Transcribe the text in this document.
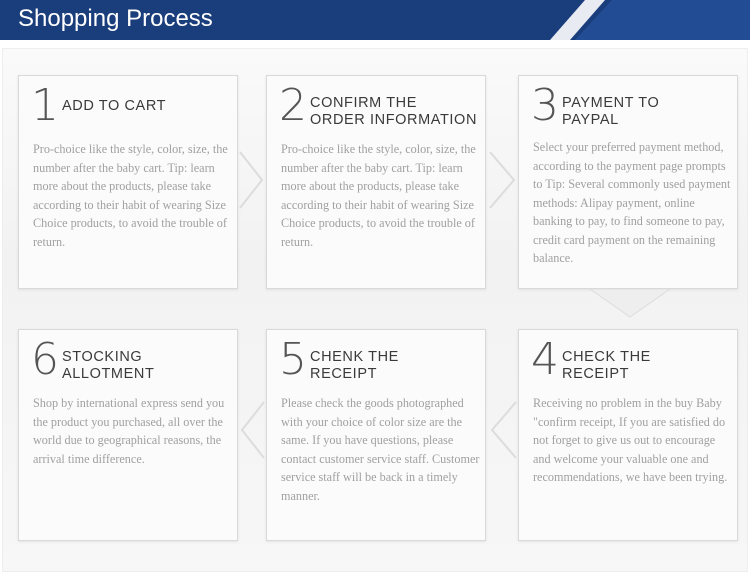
Shopping Process
1 ADD TO CART
Pro-choice like the style, color, size, the number after the baby cart. Tip: learn more about the products, please take according to their habit of wearing Size Choice products, to avoid the trouble of return.
2 CONFIRM THE
ORDER INFORMATION
Pro-choice like the style, color, size, the number after the baby cart. Tip: learn more about the products, please take according to their habit of wearing Size Choice products, to avoid the trouble of return.
3 PAYMENT TO
PAYPAL
Select your preferred payment method, according to the payment page prompts to Tip: Several commonly used payment methods: Alipay payment, online banking to pay, to find someone to pay, credit card payment on the remaining balance.
6 STOCKING
ALLOTMENT
Shop by international express send you the product you purchased, all over the world due to geographical reasons, the arrival time difference.
5 CHENK THE
RECEIPT
Please check the goods photographed with your choice of color size are the same. If you have questions, please contact customer service staff. Customer service staff will be back in a timely manner.
4 CHECK THE
RECEIPT
Receiving no problem in the buy Baby "confirm receipt, If you are satisfied do not forget to give us out to encourage and welcome your valuable one and recommendations, we have been trying.
